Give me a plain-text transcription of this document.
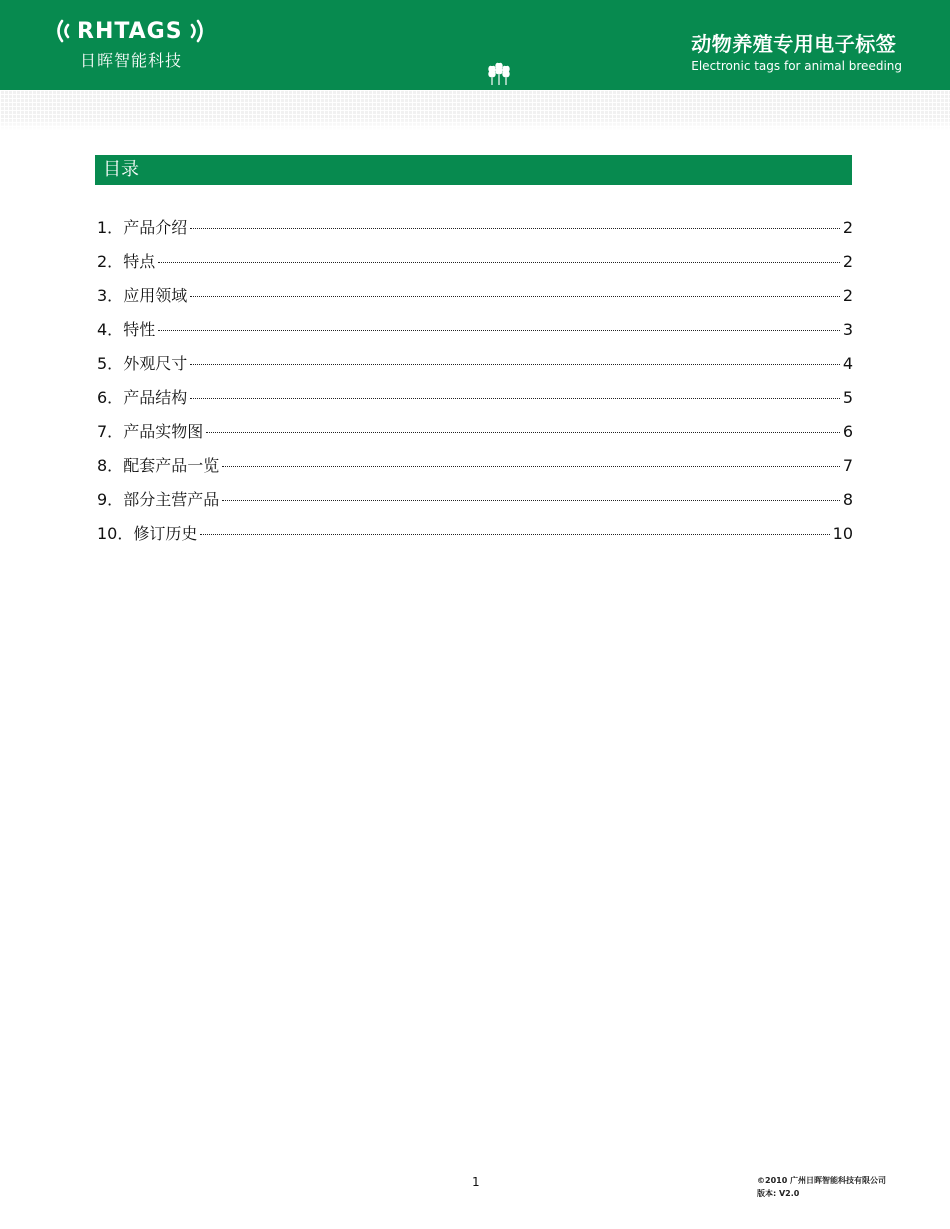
RHTAGS
日晖智能科技
动物养殖专用电子标签
Electronic tags for animal breeding
目录
1．产品介绍	2
2．特点	2
3．应用领域	2
4．特性	3
5．外观尺寸	4
6．产品结构	5
7．产品实物图	6
8．配套产品一览	7
9．部分主营产品	8
10．修订历史	10
1	©2010 广州日晖智能科技有限公司
版本: V2.0
